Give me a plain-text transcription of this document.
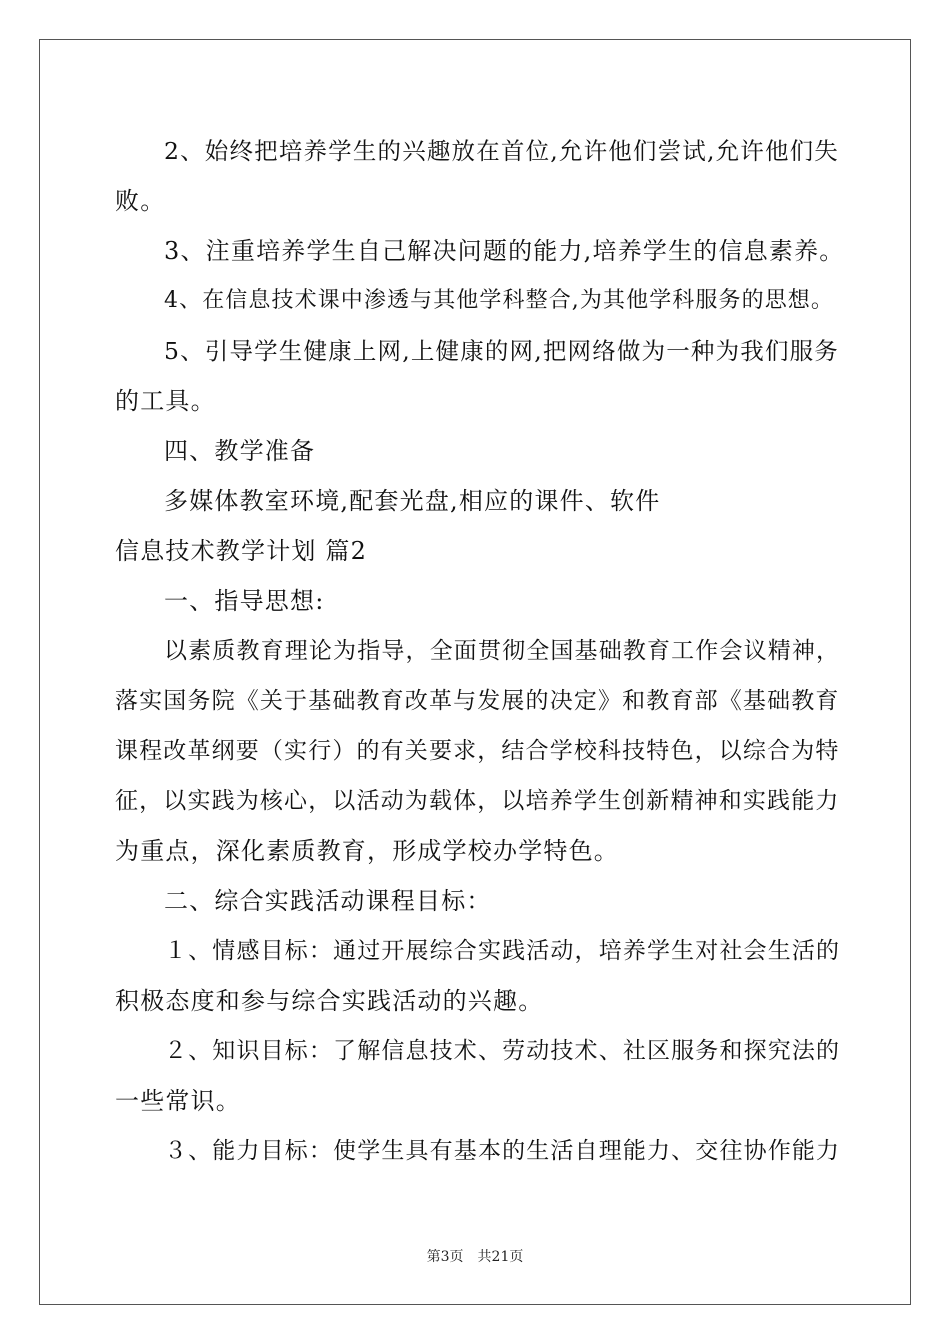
2、始终把培养学生的兴趣放在首位,允许他们尝试,允许他们失
败。
3、注重培养学生自己解决问题的能力,培养学生的信息素养。
4、在信息技术课中渗透与其他学科整合,为其他学科服务的思想。
5、引导学生健康上网,上健康的网,把网络做为一种为我们服务
的工具。
四、教学准备
多媒体教室环境,配套光盘,相应的课件、软件
信息技术教学计划 篇2
一、指导思想:
以素质教育理论为指导，全面贯彻全国基础教育工作会议精神，
落实国务院《关于基础教育改革与发展的决定》和教育部《基础教育
课程改革纲要（实行）的有关要求，结合学校科技特色，以综合为特
征，以实践为核心，以活动为载体，以培养学生创新精神和实践能力
为重点，深化素质教育，形成学校办学特色。
二、综合实践活动课程目标：
１、情感目标：通过开展综合实践活动，培养学生对社会生活的
积极态度和参与综合实践活动的兴趣。
２、知识目标：了解信息技术、劳动技术、社区服务和探究法的
一些常识。
３、能力目标：使学生具有基本的生活自理能力、交往协作能力
第3页 共21页
